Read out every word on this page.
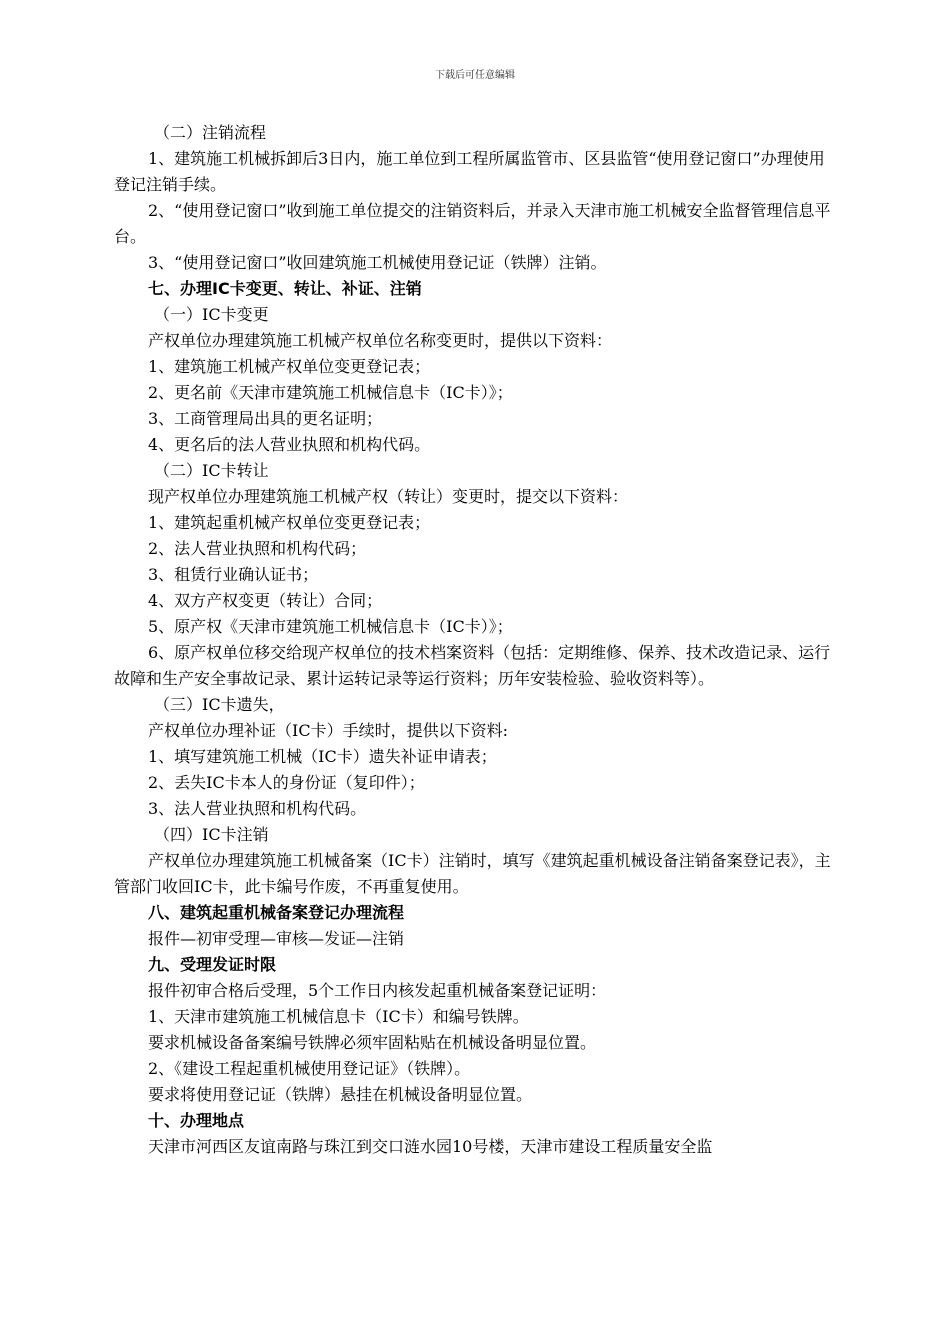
下载后可任意编辑

（二）注销流程

1、建筑施工机械拆卸后3日内，施工单位到工程所属监管市、区县监管“使用登记窗口”办理使用登记注销手续。

2、“使用登记窗口”收到施工单位提交的注销资料后，并录入天津市施工机械安全监督管理信息平台。

3、“使用登记窗口”收回建筑施工机械使用登记证（铁牌）注销。

七、办理IC卡变更、转让、补证、注销

（一）IC卡变更

产权单位办理建筑施工机械产权单位名称变更时，提供以下资料：

1、建筑施工机械产权单位变更登记表；

2、更名前《天津市建筑施工机械信息卡（IC卡）》；

3、工商管理局出具的更名证明；

4、更名后的法人营业执照和机构代码。

（二）IC卡转让

现产权单位办理建筑施工机械产权（转让）变更时，提交以下资料：

1、建筑起重机械产权单位变更登记表；

2、法人营业执照和机构代码；

3、租赁行业确认证书；

4、双方产权变更（转让）合同；

5、原产权《天津市建筑施工机械信息卡（IC卡）》；

6、原产权单位移交给现产权单位的技术档案资料（包括：定期维修、保养、技术改造记录、运行故障和生产安全事故记录、累计运转记录等运行资料；历年安装检验、验收资料等）。

（三）IC卡遗失，

产权单位办理补证（IC卡）手续时，提供以下资料:

1、填写建筑施工机械（IC卡）遗失补证申请表；

2、丢失IC卡本人的身份证（复印件）；

3、法人营业执照和机构代码。

（四）IC卡注销

产权单位办理建筑施工机械备案（IC卡）注销时，填写《建筑起重机械设备注销备案登记表》，主管部门收回IC卡，此卡编号作废，不再重复使用。

八、建筑起重机械备案登记办理流程

报件—初审受理—审核—发证—注销

九、受理发证时限

报件初审合格后受理，5个工作日内核发起重机械备案登记证明：

1、天津市建筑施工机械信息卡（IC卡）和编号铁牌。

要求机械设备备案编号铁牌必须牢固粘贴在机械设备明显位置。

2、《建设工程起重机械使用登记证》（铁牌）。

要求将使用登记证（铁牌）悬挂在机械设备明显位置。

十、办理地点

天津市河西区友谊南路与珠江到交口涟水园10号楼，天津市建设工程质量安全监
